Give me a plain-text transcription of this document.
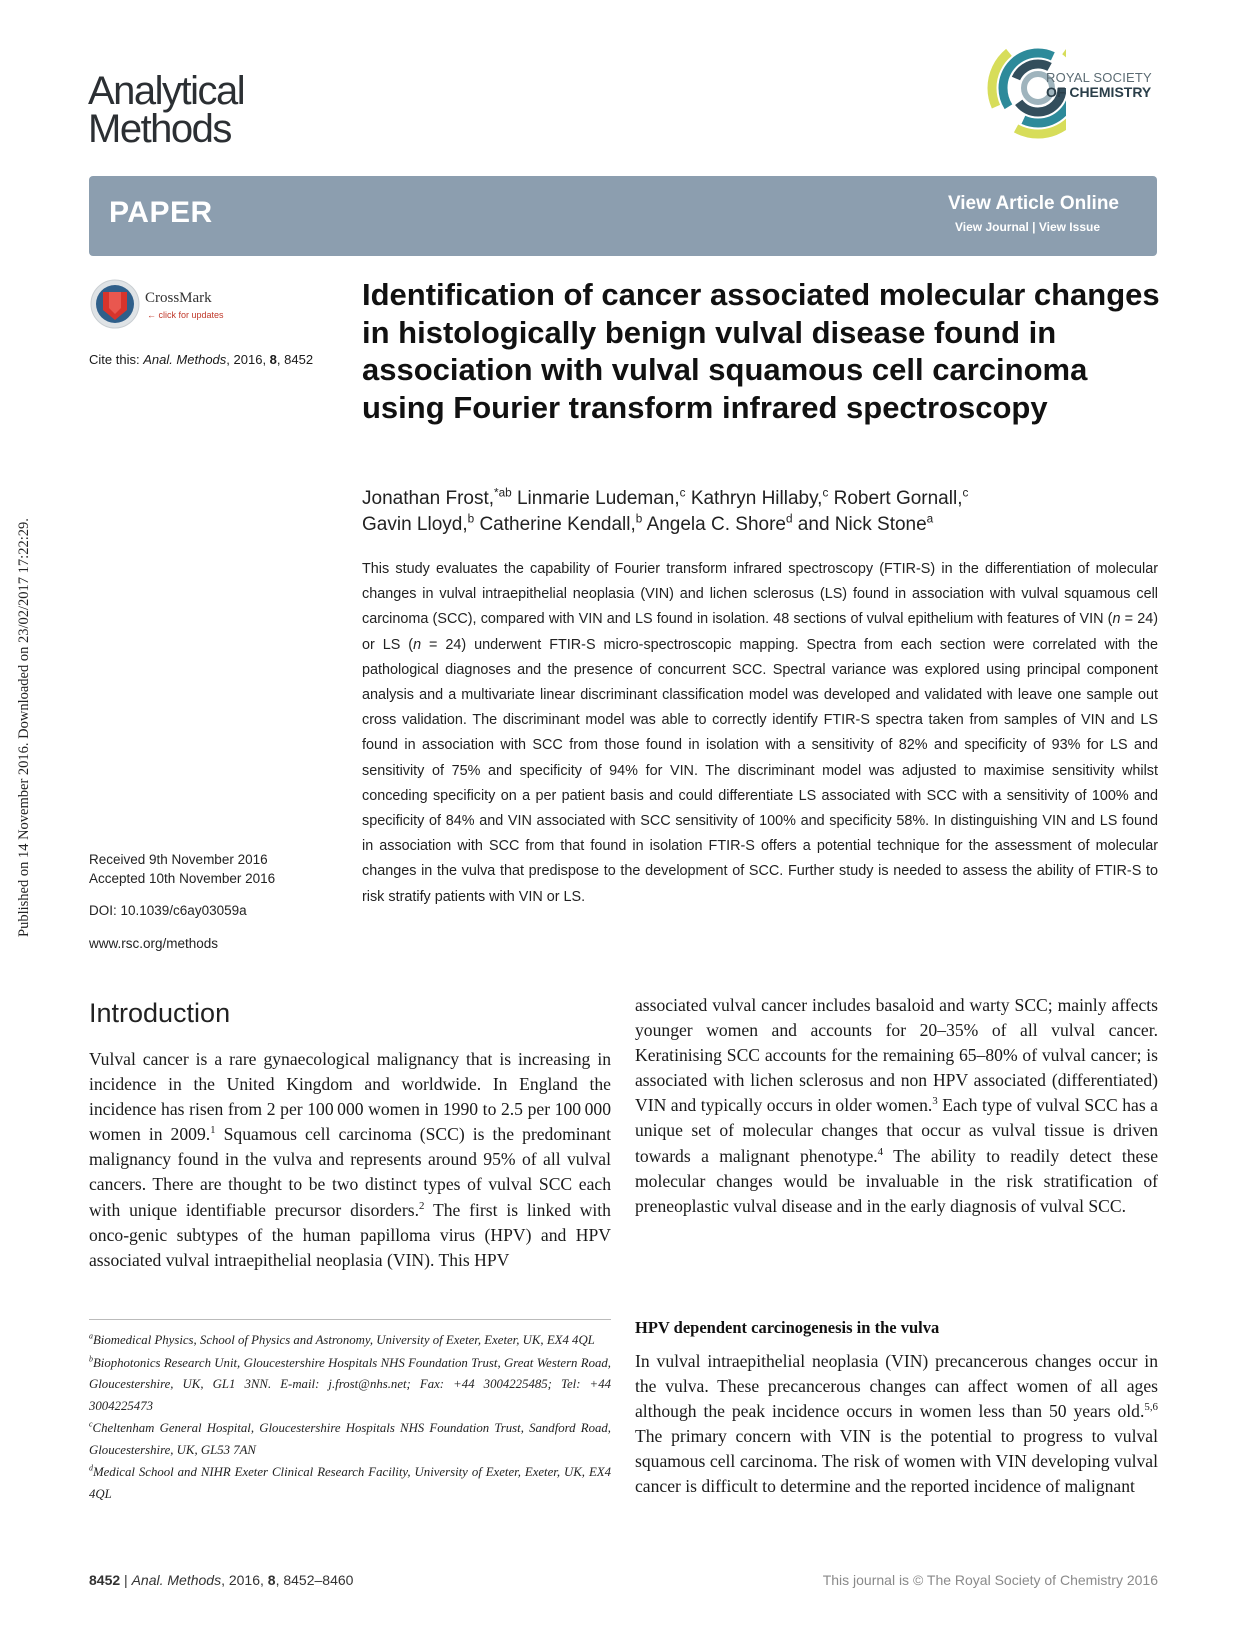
Published on 14 November 2016. Downloaded on 23/02/2017 17:22:29.
Analytical
Methods
ROYAL SOCIETY
OF CHEMISTRY
PAPER	View Article Online
View Journal | View Issue
CrossMark
← click for updates
Cite this: Anal. Methods, 2016, 8, 8452
Identification of cancer associated molecular changes in histologically benign vulval disease found in association with vulval squamous cell carcinoma using Fourier transform infrared spectroscopy
Jonathan Frost,$^{*ab}$ Linmarie Ludeman,$^c$ Kathryn Hillaby,$^c$ Robert Gornall,$^c$
Gavin Lloyd,$^b$ Catherine Kendall,$^b$ Angela C. Shore$^d$ and Nick Stone$^a$
This study evaluates the capability of Fourier transform infrared spectroscopy (FTIR-S) in the differentiation of molecular changes in vulval intraepithelial neoplasia (VIN) and lichen sclerosus (LS) found in association with vulval squamous cell carcinoma (SCC), compared with VIN and LS found in isolation. 48 sections of vulval epithelium with features of VIN (n = 24) or LS (n = 24) underwent FTIR-S micro-spectroscopic mapping. Spectra from each section were correlated with the pathological diagnoses and the presence of concurrent SCC. Spectral variance was explored using principal component analysis and a multivariate linear discriminant classification model was developed and validated with leave one sample out cross validation. The discriminant model was able to correctly identify FTIR-S spectra taken from samples of VIN and LS found in association with SCC from those found in isolation with a sensitivity of 82% and specificity of 93% for LS and sensitivity of 75% and specificity of 94% for VIN. The discriminant model was adjusted to maximise sensitivity whilst conceding specificity on a per patient basis and could differentiate LS associated with SCC with a sensitivity of 100% and specificity of 84% and VIN associated with SCC sensitivity of 100% and specificity 58%. In distinguishing VIN and LS found in association with SCC from that found in isolation FTIR-S offers a potential technique for the assessment of molecular changes in the vulva that predispose to the development of SCC. Further study is needed to assess the ability of FTIR-S to risk stratify patients with VIN or LS.
Received 9th November 2016
Accepted 10th November 2016
DOI: 10.1039/c6ay03059a
www.rsc.org/methods
Introduction
Vulval cancer is a rare gynaecological malignancy that is increasing in incidence in the United Kingdom and worldwide. In England the incidence has risen from 2 per 100 000 women in 1990 to 2.5 per 100 000 women in 2009.$^1$ Squamous cell carcinoma (SCC) is the predominant malignancy found in the vulva and represents around 95% of all vulval cancers. There are thought to be two distinct types of vulval SCC each with unique identifiable precursor disorders.$^2$ The first is linked with onco-genic subtypes of the human papilloma virus (HPV) and HPV associated vulval intraepithelial neoplasia (VIN). This HPV
associated vulval cancer includes basaloid and warty SCC; mainly affects younger women and accounts for 20–35% of all vulval cancer. Keratinising SCC accounts for the remaining 65–80% of vulval cancer; is associated with lichen sclerosus and non HPV associated (differentiated) VIN and typically occurs in older women.$^3$ Each type of vulval SCC has a unique set of molecular changes that occur as vulval tissue is driven towards a malignant phenotype.$^4$ The ability to readily detect these molecular changes would be invaluable in the risk stratification of preneoplastic vulval disease and in the early diagnosis of vulval SCC.
HPV dependent carcinogenesis in the vulva
In vulval intraepithelial neoplasia (VIN) precancerous changes occur in the vulva. These precancerous changes can affect women of all ages although the peak incidence occurs in women less than 50 years old.$^{5,6}$ The primary concern with VIN is the potential to progress to vulval squamous cell carcinoma. The risk of women with VIN developing vulval cancer is difficult to determine and the reported incidence of malignant

$^a$Biomedical Physics, School of Physics and Astronomy, University of Exeter, Exeter, UK, EX4 4QL

$^b$Biophotonics Research Unit, Gloucestershire Hospitals NHS Foundation Trust, Great Western Road, Gloucestershire, UK, GL1 3NN. E-mail: j.frost@nhs.net; Fax: +44 3004225485; Tel: +44 3004225473

$^c$Cheltenham General Hospital, Gloucestershire Hospitals NHS Foundation Trust, Sandford Road, Gloucestershire, UK, GL53 7AN

$^d$Medical School and NIHR Exeter Clinical Research Facility, University of Exeter, Exeter, UK, EX4 4QL

8452 | Anal. Methods, 2016, 8, 8452–8460	This journal is © The Royal Society of Chemistry 2016
